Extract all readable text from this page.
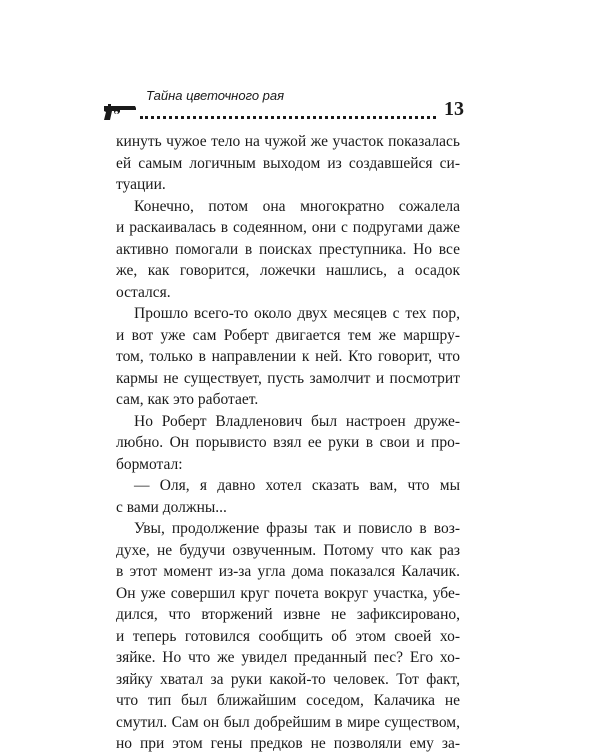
Тайна цветочного рая
13
кинуть чужое тело на чужой же участок показалась
ей самым логичным выходом из создавшейся си-
туации.
Конечно, потом она многократно сожалела
и раскаивалась в содеянном, они с подругами даже
активно помогали в поисках преступника. Но все
же, как говорится, ложечки нашлись, а осадок
остался.
Прошло всего-то около двух месяцев с тех пор,
и вот уже сам Роберт двигается тем же маршру-
том, только в направлении к ней. Кто говорит, что
кармы не существует, пусть замолчит и посмотрит
сам, как это работает.
Но Роберт Владленович был настроен друже-
любно. Он порывисто взял ее руки в свои и про-
бормотал:
— Оля, я давно хотел сказать вам, что мы
с вами должны...
Увы, продолжение фразы так и повисло в воз-
духе, не будучи озвученным. Потому что как раз
в этот момент из-за угла дома показался Калачик.
Он уже совершил круг почета вокруг участка, убе-
дился, что вторжений извне не зафиксировано,
и теперь готовился сообщить об этом своей хо-
зяйке. Но что же увидел преданный пес? Его хо-
зяйку хватал за руки какой-то человек. Тот факт,
что тип был ближайшим соседом, Калачика не
смутил. Сам он был добрейшим в мире существом,
но при этом гены предков не позволяли ему за-
